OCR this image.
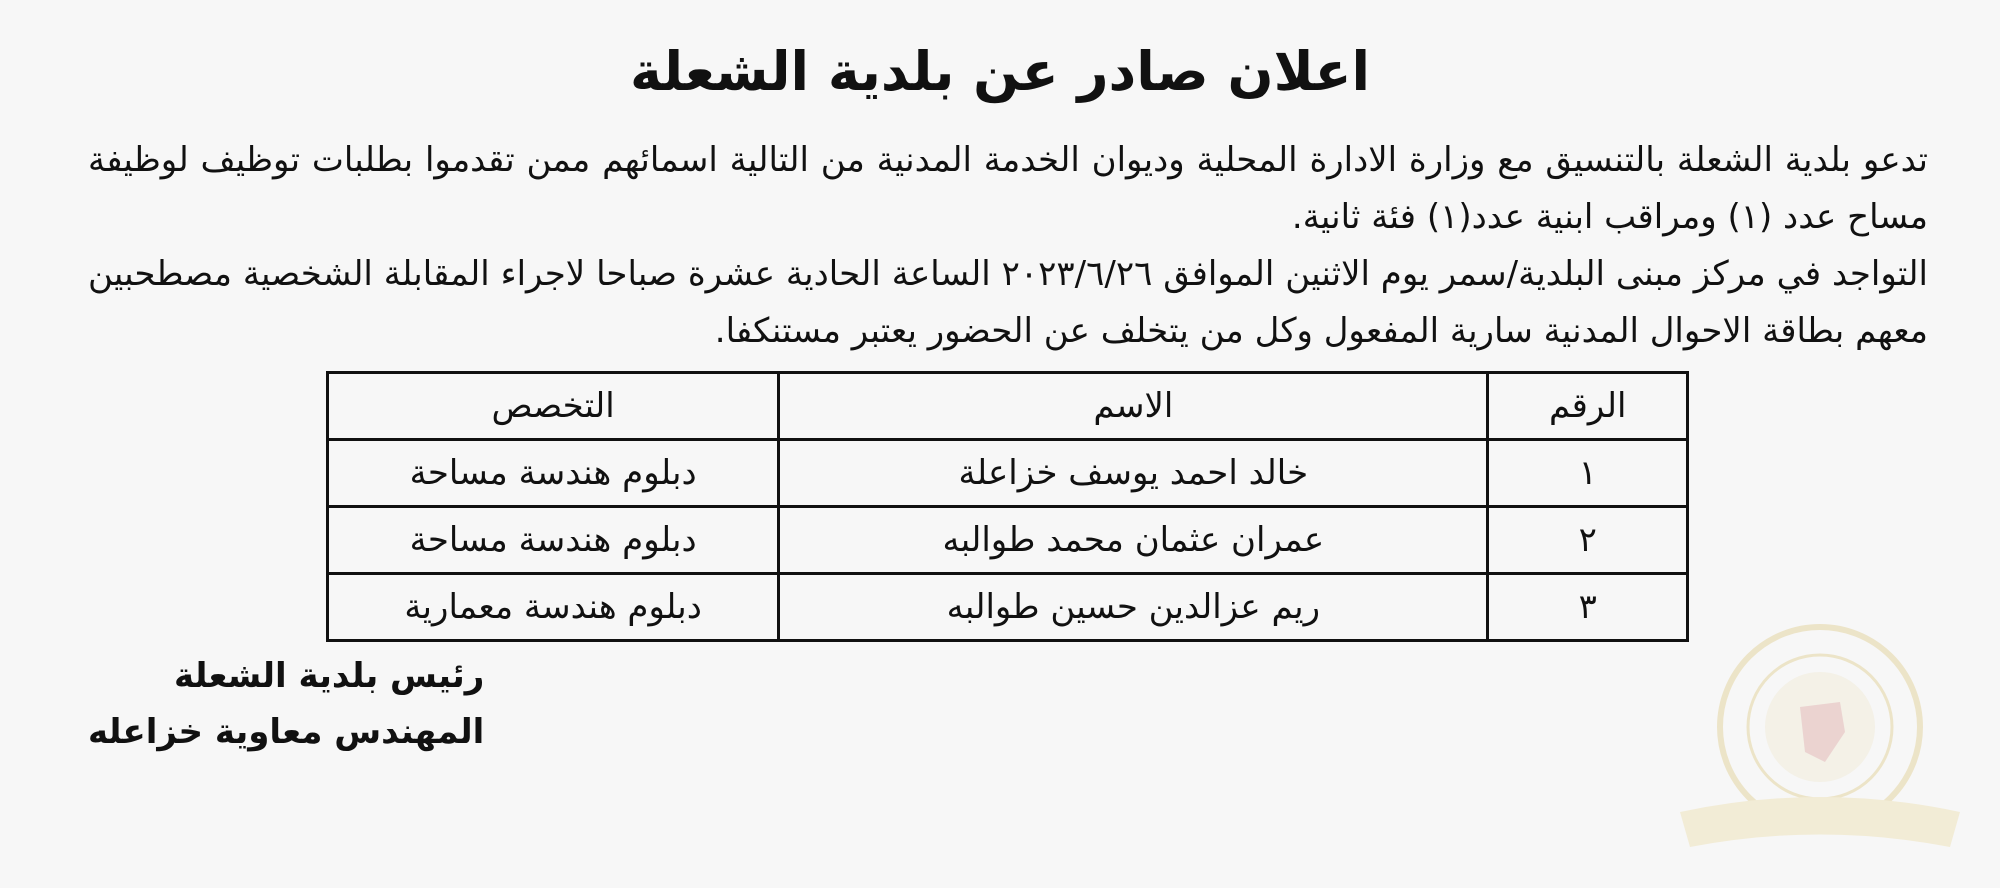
اعلان صادر عن بلدية الشعلة

تدعو بلدية الشعلة بالتنسيق مع وزارة الادارة المحلية وديوان الخدمة المدنية من التالية اسمائهم ممن تقدموا بطلبات توظيف لوظيفة مساح عدد (١) ومراقب ابنية عدد(١) فئة ثانية.

التواجد في مركز مبنى البلدية/سمر يوم الاثنين الموافق ٢٠٢٣/٦/٢٦ الساعة الحادية عشرة صباحا لاجراء المقابلة الشخصية مصطحبين معهم بطاقة الاحوال المدنية سارية المفعول وكل من يتخلف عن الحضور يعتبر مستنكفا.

الرقم	الاسم	التخصص
١	خالد احمد يوسف خزاعلة	دبلوم هندسة مساحة
٢	عمران عثمان محمد طوالبه	دبلوم هندسة مساحة
٣	ريم عزالدين حسين طوالبه	دبلوم هندسة معمارية
رئيس بلدية الشعلة
المهندس معاوية خزاعله
